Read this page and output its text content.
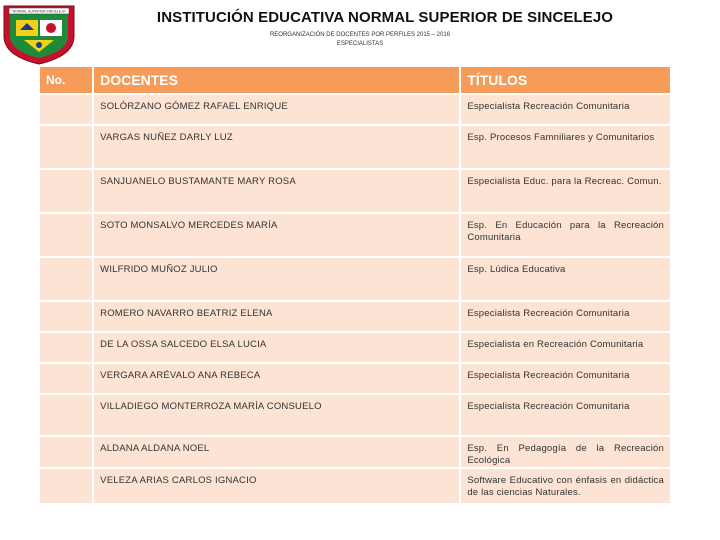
NORMAL SUPERIOR SINCELEJO	INSTITUCIÓN EDUCATIVA NORMAL SUPERIOR DE SINCELEJO
REORGANIZACIÓN DE DOCENTES POR PERFILES 2015 – 2016
ESPECIALISTAS
No.	DOCENTES	TÍTULOS
	SOLÓRZANO GÓMEZ RAFAEL ENRIQUE	Especialista Recreación Comunitaria
	VARGAS NUÑEZ DARLY LUZ	Esp. Procesos Famniliares y Comunitarios
	SANJUANELO BUSTAMANTE MARY ROSA	Especialista Educ. para la Recreac. Comun.
	SOTO MONSALVO MERCEDES MARÍA	Esp. En Educación para la Recreación Comunitaria
	WILFRIDO MUÑOZ JULIO	Esp. Lúdica Educativa
	ROMERO NAVARRO BEATRIZ ELENA	Especialista Recreación Comunitaria
	DE LA OSSA SALCEDO ELSA LUCIA	Especialista en Recreación Comunitaria
	VERGARA ARÉVALO ANA REBECA	Especialista Recreación Comunitaria
	VILLADIEGO MONTERROZA MARÍA CONSUELO	Especialista Recreación Comunitaria
	ALDANA ALDANA NOEL	Esp. En Pedagogía de la Recreación Ecológica
	VELEZA ARIAS CARLOS IGNACIO	Software Educativo con énfasis en didáctica de las ciencias Naturales.
